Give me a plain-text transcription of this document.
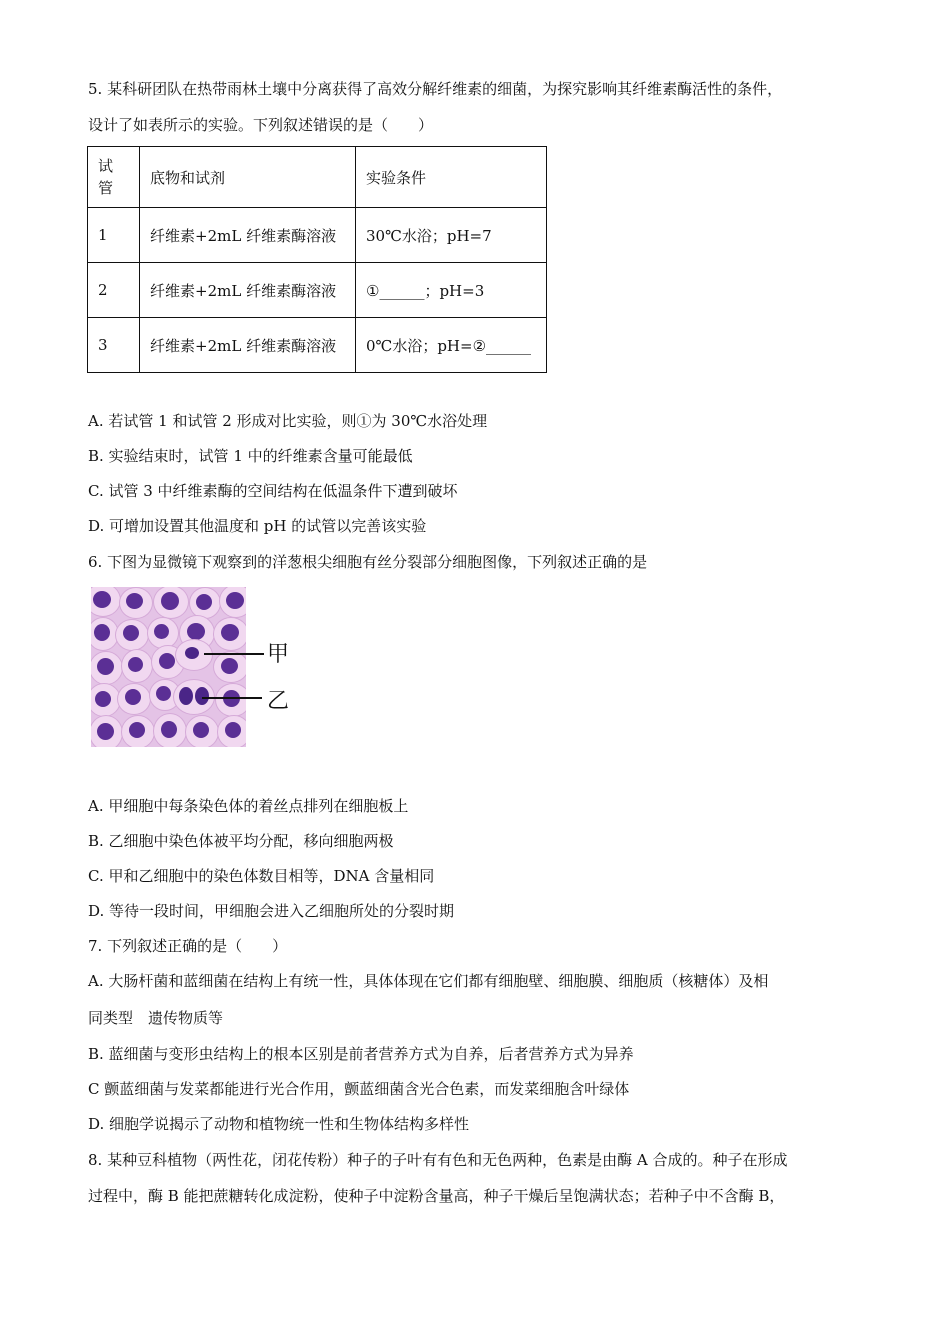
5. 某科研团队在热带雨林土壤中分离获得了高效分解纤维素的细菌，为探究影响其纤维素酶活性的条件，
设计了如表所示的实验。下列叙述错误的是（　　）
试管	底物和试剂	实验条件
1	纤维素+2mL 纤维素酶溶液	30℃水浴；pH=7
2	纤维素+2mL 纤维素酶溶液	①______；pH=3
3	纤维素+2mL 纤维素酶溶液	0℃水浴；pH=②______
A. 若试管 1 和试管 2 形成对比实验，则①为 30℃水浴处理
B. 实验结束时，试管 1 中的纤维素含量可能最低
C. 试管 3 中纤维素酶的空间结构在低温条件下遭到破坏
D. 可增加设置其他温度和 pH 的试管以完善该实验
6. 下图为显微镜下观察到的洋葱根尖细胞有丝分裂部分细胞图像，下列叙述正确的是
甲
乙
A. 甲细胞中每条染色体的着丝点排列在细胞板上
B. 乙细胞中染色体被平均分配，移向细胞两极
C. 甲和乙细胞中的染色体数目相等，DNA 含量相同
D. 等待一段时间，甲细胞会进入乙细胞所处的分裂时期
7. 下列叙述正确的是（　　）
A. 大肠杆菌和蓝细菌在结构上有统一性，具体体现在它们都有细胞壁、细胞膜、细胞质（核糖体）及相
同类型　遗传物质等
B. 蓝细菌与变形虫结构上的根本区别是前者营养方式为自养，后者营养方式为异养
C 颤蓝细菌与发菜都能进行光合作用，颤蓝细菌含光合色素，而发菜细胞含叶绿体
D. 细胞学说揭示了动物和植物统一性和生物体结构多样性
8. 某种豆科植物（两性花，闭花传粉）种子的子叶有有色和无色两种，色素是由酶 A 合成的。种子在形成
过程中，酶 B 能把蔗糖转化成淀粉，使种子中淀粉含量高，种子干燥后呈饱满状态；若种子中不含酶 B，
